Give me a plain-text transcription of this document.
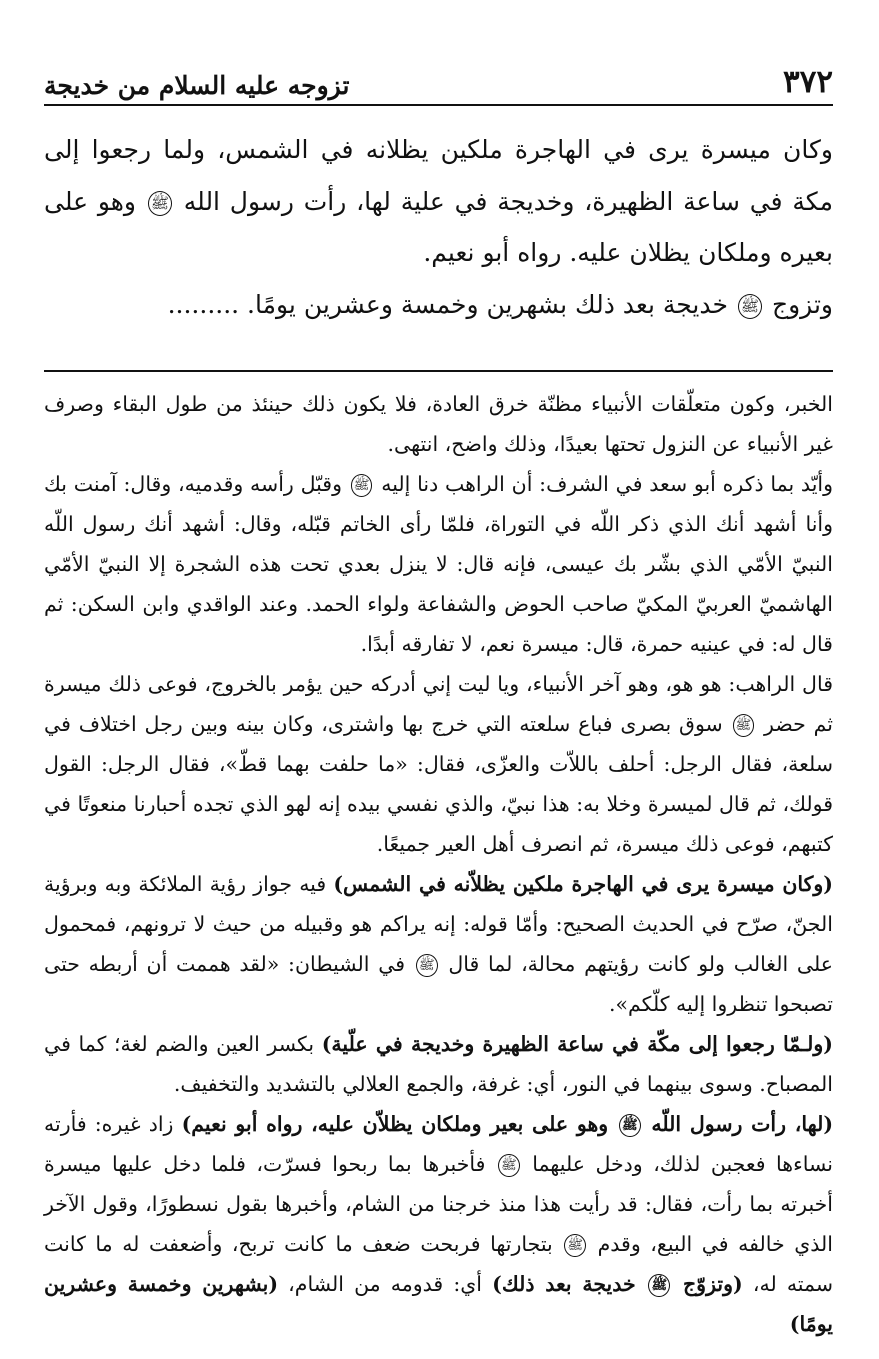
٣٧٢
تزوجه عليه السلام من خديجة

وكان ميسرة يرى في الهاجرة ملكين يظلانه في الشمس، ولما رجعوا إلى مكة في ساعة الظهيرة، وخديجة في علية لها، رأت رسول الله ﷺ وهو على بعيره وملكان يظلان عليه. رواه أبو نعيم.

وتزوج ﷺ خديجة بعد ذلك بشهرين وخمسة وعشرين يومًا. .........

الخبر، وكون متعلّقات الأنبياء مظنّة خرق العادة، فلا يكون ذلك حينئذ من طول البقاء وصرف غير الأنبياء عن النزول تحتها بعيدًا، وذلك واضح، انتهى.

وأيّد بما ذكره أبو سعد في الشرف: أن الراهب دنا إليه ﷺ وقبّل رأسه وقدميه، وقال: آمنت بك وأنا أشهد أنك الذي ذكر اللّه في التوراة، فلمّا رأى الخاتم قبّله، وقال: أشهد أنك رسول اللّه النبيّ الأمّي الذي بشّر بك عيسى، فإنه قال: لا ينزل بعدي تحت هذه الشجرة إلا النبيّ الأمّي الهاشميّ العربيّ المكيّ صاحب الحوض والشفاعة ولواء الحمد. وعند الواقدي وابن السكن: ثم قال له: في عينيه حمرة، قال: ميسرة نعم، لا تفارقه أبدًا.

قال الراهب: هو هو، وهو آخر الأنبياء، ويا ليت إني أدركه حين يؤمر بالخروج، فوعى ذلك ميسرة ثم حضر ﷺ سوق بصرى فباع سلعته التي خرج بها واشترى، وكان بينه وبين رجل اختلاف في سلعة، فقال الرجل: أحلف باللاّت والعزّى، فقال: «ما حلفت بهما قطّ»، فقال الرجل: القول قولك، ثم قال لميسرة وخلا به: هذا نبيّ، والذي نفسي بيده إنه لهو الذي تجده أحبارنا منعوتًا في كتبهم، فوعى ذلك ميسرة، ثم انصرف أهل العير جميعًا.

(وكان ميسرة يرى في الهاجرة ملكين يظلاّنه في الشمس) فيه جواز رؤية الملائكة وبه وبرؤية الجنّ، صرّح في الحديث الصحيح: وأمّا قوله: إنه يراكم هو وقبيله من حيث لا ترونهم، فمحمول على الغالب ولو كانت رؤيتهم محالة، لما قال ﷺ في الشيطان: «لقد هممت أن أربطه حتى تصبحوا تنظروا إليه كلّكم».

(ولـمّا رجعوا إلى مكّة في ساعة الظهيرة وخديجة في علّية) بكسر العين والضم لغة؛ كما في المصباح. وسوى بينهما في النور، أي: غرفة، والجمع العلالي بالتشديد والتخفيف.

(لها، رأت رسول اللّه ﷺ وهو على بعير وملكان يظلاّن عليه، رواه أبو نعيم) زاد غيره: فأرته نساءها فعجبن لذلك، ودخل عليهما ﷺ فأخبرها بما ربحوا فسرّت، فلما دخل عليها ميسرة أخبرته بما رأت، فقال: قد رأيت هذا منذ خرجنا من الشام، وأخبرها بقول نسطورًا، وقول الآخر الذي خالفه في البيع، وقدم ﷺ بتجارتها فربحت ضعف ما كانت تربح، وأضعفت له ما كانت سمته له، (وتزوّج ﷺ خديجة بعد ذلك) أي: قدومه من الشام، (بشهرين وخمسة وعشرين يومًا)
